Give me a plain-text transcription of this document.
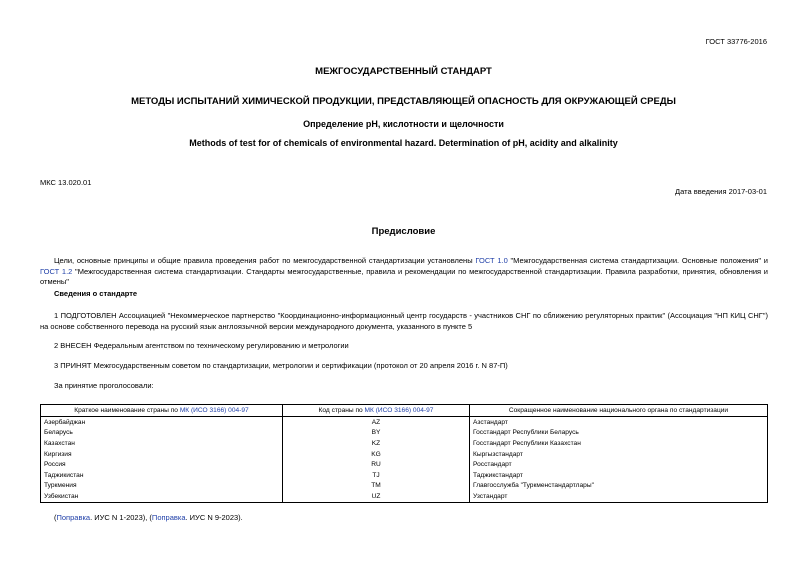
ГОСТ 33776-2016
МЕЖГОСУДАРСТВЕННЫЙ СТАНДАРТ
МЕТОДЫ ИСПЫТАНИЙ ХИМИЧЕСКОЙ ПРОДУКЦИИ, ПРЕДСТАВЛЯЮЩЕЙ ОПАСНОСТЬ ДЛЯ ОКРУЖАЮЩЕЙ СРЕДЫ
Определение pH, кислотности и щелочности
Methods of test for of chemicals of environmental hazard. Determination of pH, acidity and alkalinity
МКС 13.020.01
Дата введения 2017-03-01
Предисловие
Цели, основные принципы и общие правила проведения работ по межгосударственной стандартизации установлены ГОСТ 1.0 "Межгосударственная система стандартизации. Основные положения" и ГОСТ 1.2 "Межгосударственная система стандартизации. Стандарты межгосударственные, правила и рекомендации по межгосударственной стандартизации. Правила разработки, принятия, обновления и отмены"
Сведения о стандарте
1 ПОДГОТОВЛЕН Ассоциацией "Некоммерческое партнерство "Координационно-информационный центр государств - участников СНГ по сближению регуляторных практик" (Ассоциация "НП КИЦ СНГ") на основе собственного перевода на русский язык англоязычной версии международного документа, указанного в пункте 5
2 ВНЕСЕН Федеральным агентством по техническому регулированию и метрологии
3 ПРИНЯТ Межгосударственным советом по стандартизации, метрологии и сертификации (протокол от 20 апреля 2016 г. N 87-П)
За принятие проголосовали:
Краткое наименование страны по МК (ИСО 3166) 004-97	Код страны по МК (ИСО 3166) 004-97	Сокращенное наименование национального органа по стандартизации
Азербайджан	AZ	Азстандарт
Беларусь	BY	Госстандарт Республики Беларусь
Казахстан	KZ	Госстандарт Республики Казахстан
Киргизия	KG	Кыргызстандарт
Россия	RU	Росстандарт
Таджикистан	TJ	Таджикстандарт
Туркмения	TM	Главгосслужба "Туркменстандартлары"
Узбекистан	UZ	Узстандарт
(Поправка. ИУС N 1-2023), (Поправка. ИУС N 9-2023).
